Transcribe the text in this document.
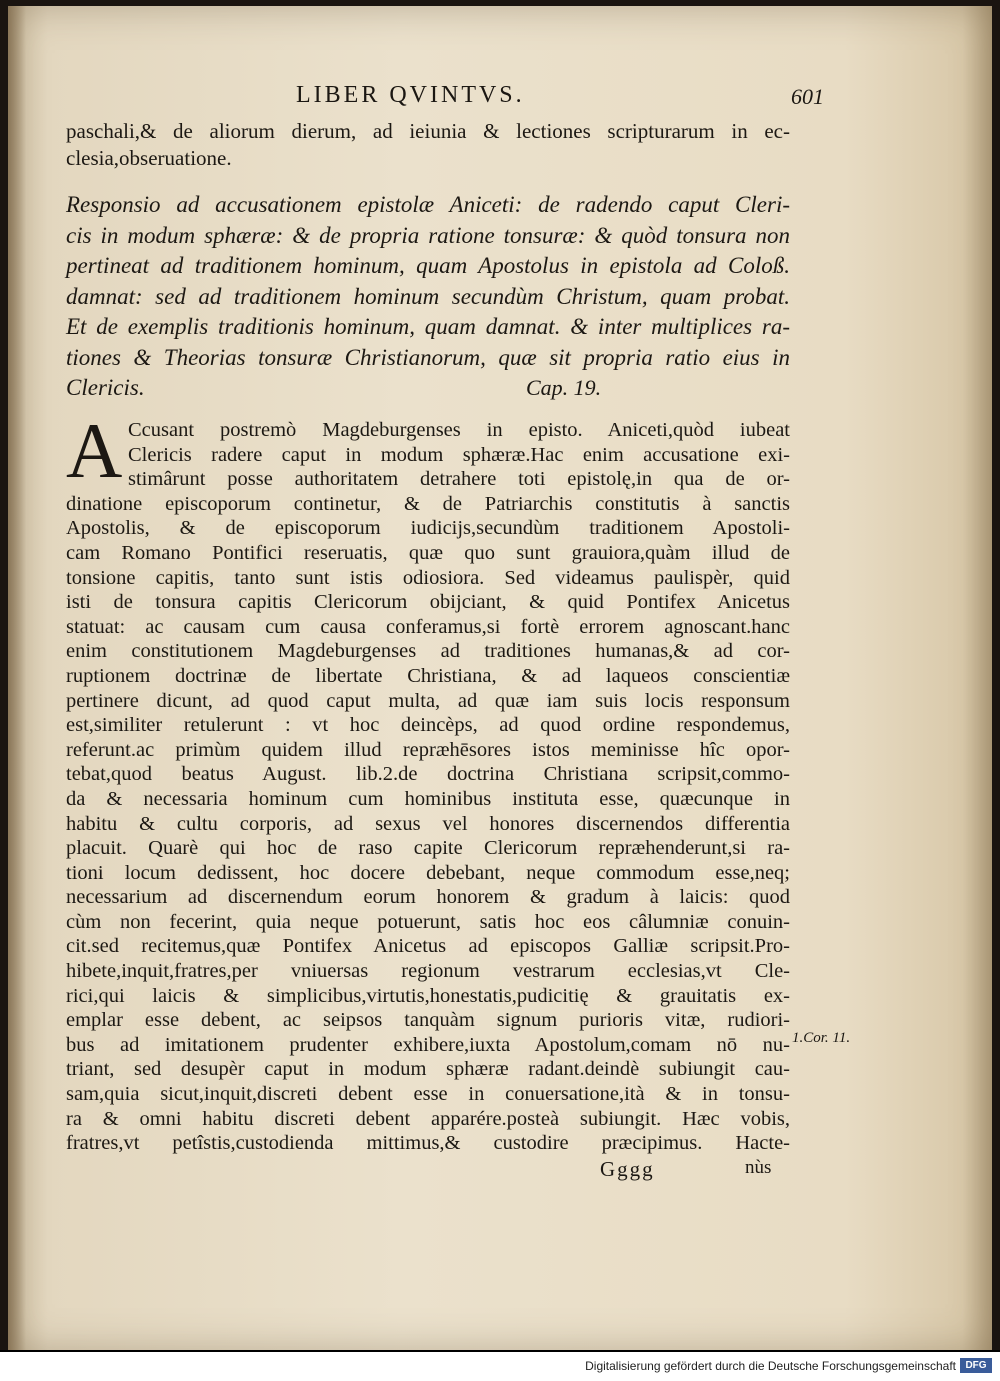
LIBER QVINTVS.	601
paschali,& de aliorum dierum, ad ieiunia & lectiones scripturarum in ec-
clesia,obseruatione.
Responsio ad accusationem epistolæ Aniceti: de radendo caput Cleri-
cis in modum sphæræ: & de propria ratione tonsuræ: & quòd tonsura non
pertineat ad traditionem hominum, quam Apostolus in epistola ad Coloß.
damnat: sed ad traditionem hominum secundùm Christum, quam probat.
Et de exemplis traditionis hominum, quam damnat. & inter multiplices ra-
tiones & Theorias tonsuræ Christianorum, quæ sit propria ratio eius in
Clericis.	Cap. 19.
A Ccusant postremò Magdeburgenses in episto. Aniceti,quòd iubeat
Clericis radere caput in modum sphæræ.Hac enim accusatione exi-
stimârunt posse authoritatem detrahere toti epistolę,in qua de or-
dinatione episcoporum continetur, & de Patriarchis constitutis à sanctis
Apostolis, & de episcoporum iudicijs,secundùm traditionem Apostoli-
cam Romano Pontifici reseruatis, quæ quo sunt grauiora,quàm illud de
tonsione capitis, tanto sunt istis odiosiora. Sed videamus paulispèr, quid
isti de tonsura capitis Clericorum obijciant, & quid Pontifex Anicetus
statuat: ac causam cum causa conferamus,si fortè errorem agnoscant.hanc
enim constitutionem Magdeburgenses ad traditiones humanas,& ad cor-
ruptionem doctrinæ de libertate Christiana, & ad laqueos conscientiæ
pertinere dicunt, ad quod caput multa, ad quæ iam suis locis responsum
est,similiter retulerunt : vt hoc deincèps, ad quod ordine respondemus,
referunt.ac primùm quidem illud repræhēsores istos meminisse hîc opor-
tebat,quod beatus August. lib.2.de doctrina Christiana scripsit,commo-
da & necessaria hominum cum hominibus instituta esse, quæcunque in
habitu & cultu corporis, ad sexus vel honores discernendos differentia
placuit. Quarè qui hoc de raso capite Clericorum repræhenderunt,si ra-
tioni locum dedissent, hoc docere debebant, neque commodum esse,neq;
necessarium ad discernendum eorum honorem & gradum à laicis: quod
cùm non fecerint, quia neque potuerunt, satis hoc eos câlumniæ conuin-
cit.sed recitemus,quæ Pontifex Anicetus ad episcopos Galliæ scripsit.Pro-
hibete,inquit,fratres,per vniuersas regionum vestrarum ecclesias,vt Cle-
rici,qui laicis & simplicibus,virtutis,honestatis,pudicitię & grauitatis ex-
emplar esse debent, ac seipsos tanquàm signum purioris vitæ, rudiori-
bus ad imitationem prudenter exhibere,iuxta Apostolum,comam nō nu-
triant, sed desupèr caput in modum sphæræ radant.deindè subiungit cau-
sam,quia sicut,inquit,discreti debent esse in conuersatione,ità & in tonsu-
ra & omni habitu discreti debent apparére.posteà subiungit. Hæc vobis,
fratres,vt petîstis,custodienda mittimus,& custodire præcipimus. Hacte-
1.Cor. 11.
Gggg	nùs
Digitalisierung gefördert durch die Deutsche Forschungsgemeinschaft DFG
